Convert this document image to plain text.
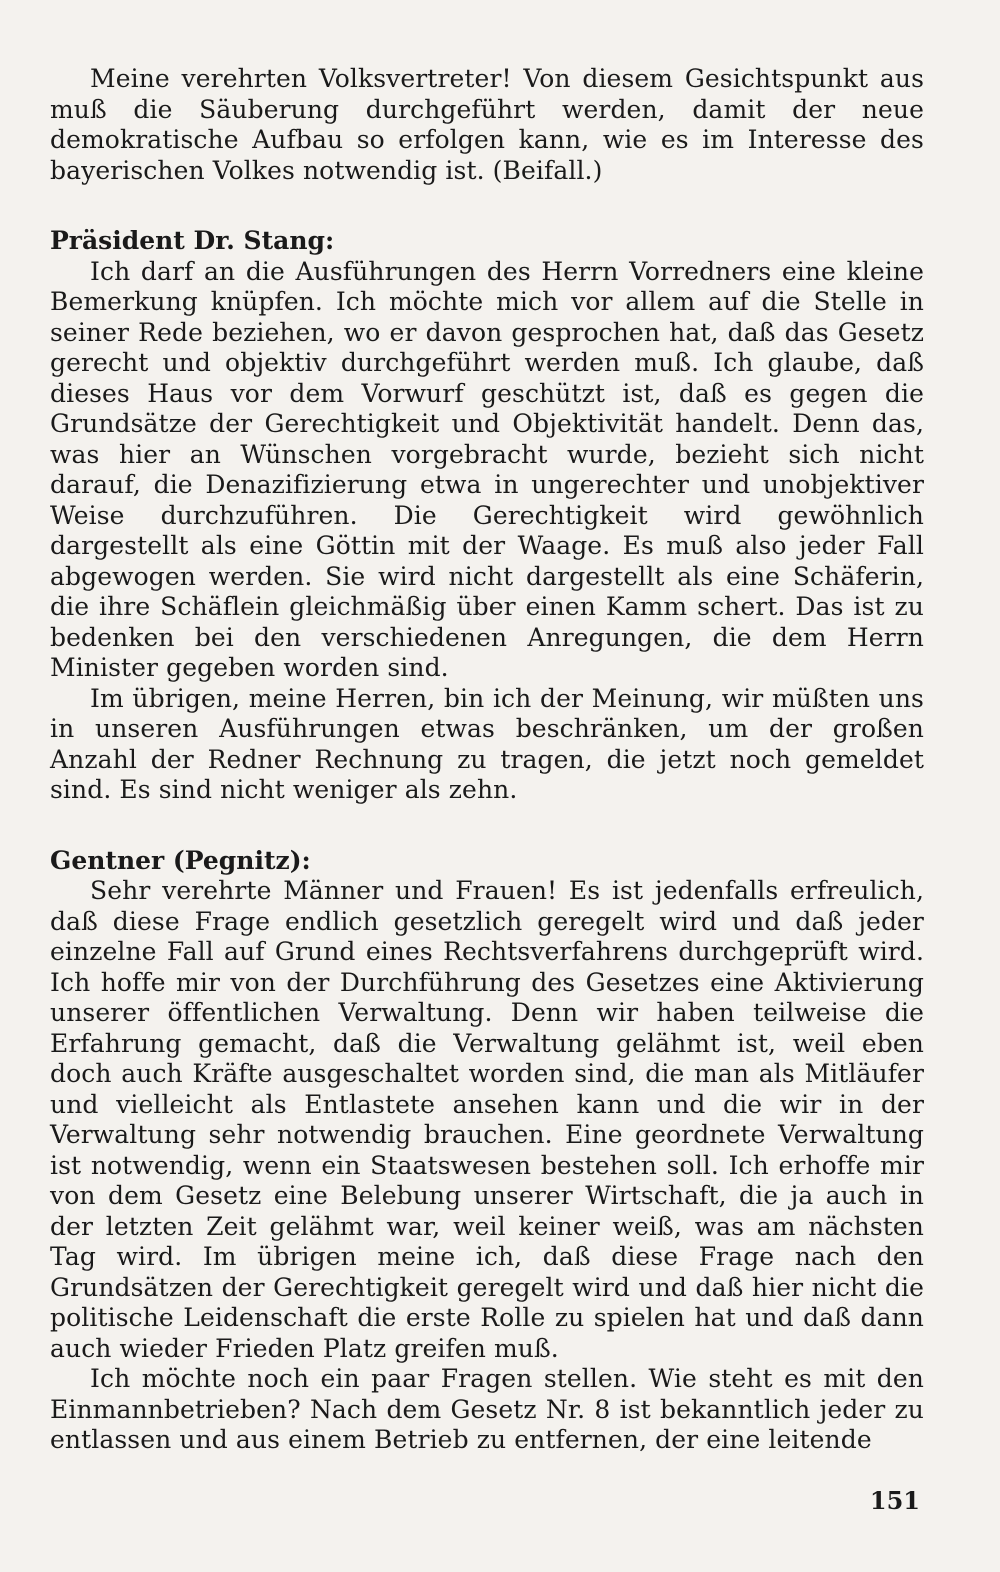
Meine verehrten Volksvertreter! Von diesem Gesichtspunkt aus muß die Säuberung durchgeführt werden, damit der neue demokratische Aufbau so erfolgen kann, wie es im Interesse des bayerischen Volkes notwendig ist. (Beifall.)

Präsident Dr. Stang:

Ich darf an die Ausführungen des Herrn Vorredners eine kleine Bemerkung knüpfen. Ich möchte mich vor allem auf die Stelle in seiner Rede beziehen, wo er davon gesprochen hat, daß das Gesetz gerecht und objektiv durchgeführt werden muß. Ich glaube, daß dieses Haus vor dem Vorwurf geschützt ist, daß es gegen die Grundsätze der Gerechtigkeit und Objektivität handelt. Denn das, was hier an Wünschen vorgebracht wurde, bezieht sich nicht darauf, die Denazifizierung etwa in ungerechter und unobjektiver Weise durchzuführen. Die Gerechtigkeit wird gewöhnlich dargestellt als eine Göttin mit der Waage. Es muß also jeder Fall abgewogen werden. Sie wird nicht dargestellt als eine Schäferin, die ihre Schäflein gleichmäßig über einen Kamm schert. Das ist zu bedenken bei den verschiedenen Anregungen, die dem Herrn Minister gegeben worden sind.

Im übrigen, meine Herren, bin ich der Meinung, wir müßten uns in unseren Ausführungen etwas beschränken, um der großen Anzahl der Redner Rechnung zu tragen, die jetzt noch gemeldet sind. Es sind nicht weniger als zehn.

Gentner (Pegnitz):

Sehr verehrte Männer und Frauen! Es ist jedenfalls erfreulich, daß diese Frage endlich gesetzlich geregelt wird und daß jeder einzelne Fall auf Grund eines Rechtsverfahrens durchgeprüft wird. Ich hoffe mir von der Durchführung des Gesetzes eine Aktivierung unserer öffentlichen Verwaltung. Denn wir haben teilweise die Erfahrung gemacht, daß die Verwaltung gelähmt ist, weil eben doch auch Kräfte ausgeschaltet worden sind, die man als Mitläufer und vielleicht als Entlastete ansehen kann und die wir in der Verwaltung sehr notwendig brauchen. Eine geordnete Verwaltung ist notwendig, wenn ein Staatswesen bestehen soll. Ich erhoffe mir von dem Gesetz eine Belebung unserer Wirtschaft, die ja auch in der letzten Zeit gelähmt war, weil keiner weiß, was am nächsten Tag wird. Im übrigen meine ich, daß diese Frage nach den Grundsätzen der Gerechtigkeit geregelt wird und daß hier nicht die politische Leidenschaft die erste Rolle zu spielen hat und daß dann auch wieder Frieden Platz greifen muß.

Ich möchte noch ein paar Fragen stellen. Wie steht es mit den Einmannbetrieben? Nach dem Gesetz Nr. 8 ist bekanntlich jeder zu entlassen und aus einem Betrieb zu entfernen, der eine leitende

151
